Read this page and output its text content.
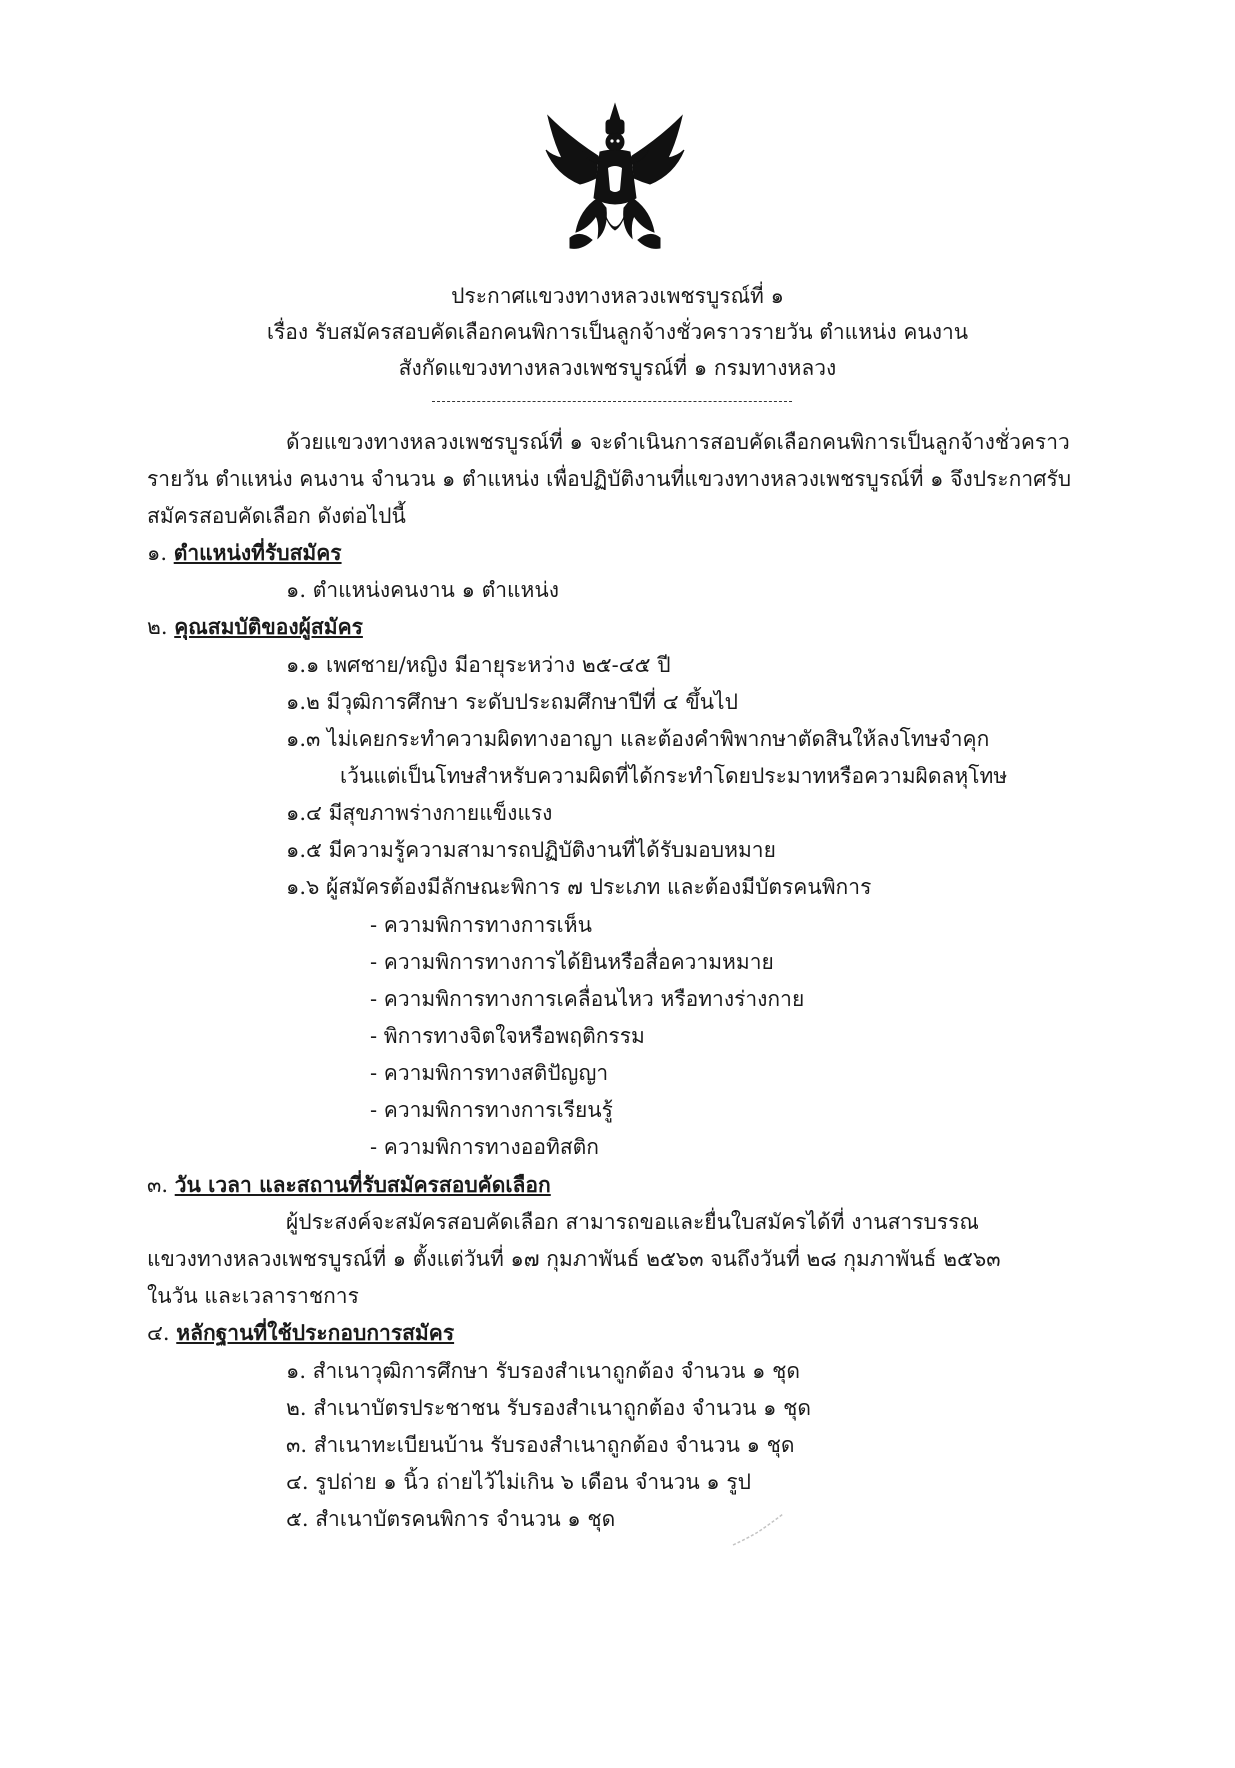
ประกาศแขวงทางหลวงเพชรบูรณ์ที่ ๑
เรื่อง รับสมัครสอบคัดเลือกคนพิการเป็นลูกจ้างชั่วคราวรายวัน ตำแหน่ง คนงาน
สังกัดแขวงทางหลวงเพชรบูรณ์ที่ ๑ กรมทางหลวง
ด้วยแขวงทางหลวงเพชรบูรณ์ที่ ๑ จะดำเนินการสอบคัดเลือกคนพิการเป็นลูกจ้างชั่วคราว
รายวัน ตำแหน่ง คนงาน จำนวน ๑ ตำแหน่ง เพื่อปฏิบัติงานที่แขวงทางหลวงเพชรบูรณ์ที่ ๑ จึงประกาศรับ
สมัครสอบคัดเลือก ดังต่อไปนี้
๑. ตำแหน่งที่รับสมัคร
๑. ตำแหน่งคนงาน ๑ ตำแหน่ง
๒. คุณสมบัติของผู้สมัคร
๑.๑ เพศชาย/หญิง มีอายุระหว่าง ๒๕-๔๕ ปี
๑.๒ มีวุฒิการศึกษา ระดับประถมศึกษาปีที่ ๔ ขึ้นไป
๑.๓ ไม่เคยกระทำความผิดทางอาญา และต้องคำพิพากษาตัดสินให้ลงโทษจำคุก
เว้นแต่เป็นโทษสำหรับความผิดที่ได้กระทำโดยประมาทหรือความผิดลหุโทษ
๑.๔ มีสุขภาพร่างกายแข็งแรง
๑.๕ มีความรู้ความสามารถปฏิบัติงานที่ได้รับมอบหมาย
๑.๖ ผู้สมัครต้องมีลักษณะพิการ ๗ ประเภท และต้องมีบัตรคนพิการ
- ความพิการทางการเห็น
- ความพิการทางการได้ยินหรือสื่อความหมาย
- ความพิการทางการเคลื่อนไหว หรือทางร่างกาย
- พิการทางจิตใจหรือพฤติกรรม
- ความพิการทางสติปัญญา
- ความพิการทางการเรียนรู้
- ความพิการทางออทิสติก
๓. วัน เวลา และสถานที่รับสมัครสอบคัดเลือก
ผู้ประสงค์จะสมัครสอบคัดเลือก สามารถขอและยื่นใบสมัครได้ที่ งานสารบรรณ
แขวงทางหลวงเพชรบูรณ์ที่ ๑ ตั้งแต่วันที่ ๑๗ กุมภาพันธ์ ๒๕๖๓ จนถึงวันที่ ๒๘ กุมภาพันธ์ ๒๕๖๓
ในวัน และเวลาราชการ
๔. หลักฐานที่ใช้ประกอบการสมัคร
๑. สำเนาวุฒิการศึกษา รับรองสำเนาถูกต้อง จำนวน ๑ ชุด
๒. สำเนาบัตรประชาชน รับรองสำเนาถูกต้อง จำนวน ๑ ชุด
๓. สำเนาทะเบียนบ้าน รับรองสำเนาถูกต้อง จำนวน ๑ ชุด
๔. รูปถ่าย ๑ นิ้ว ถ่ายไว้ไม่เกิน ๖ เดือน จำนวน ๑ รูป
๕. สำเนาบัตรคนพิการ จำนวน ๑ ชุด
